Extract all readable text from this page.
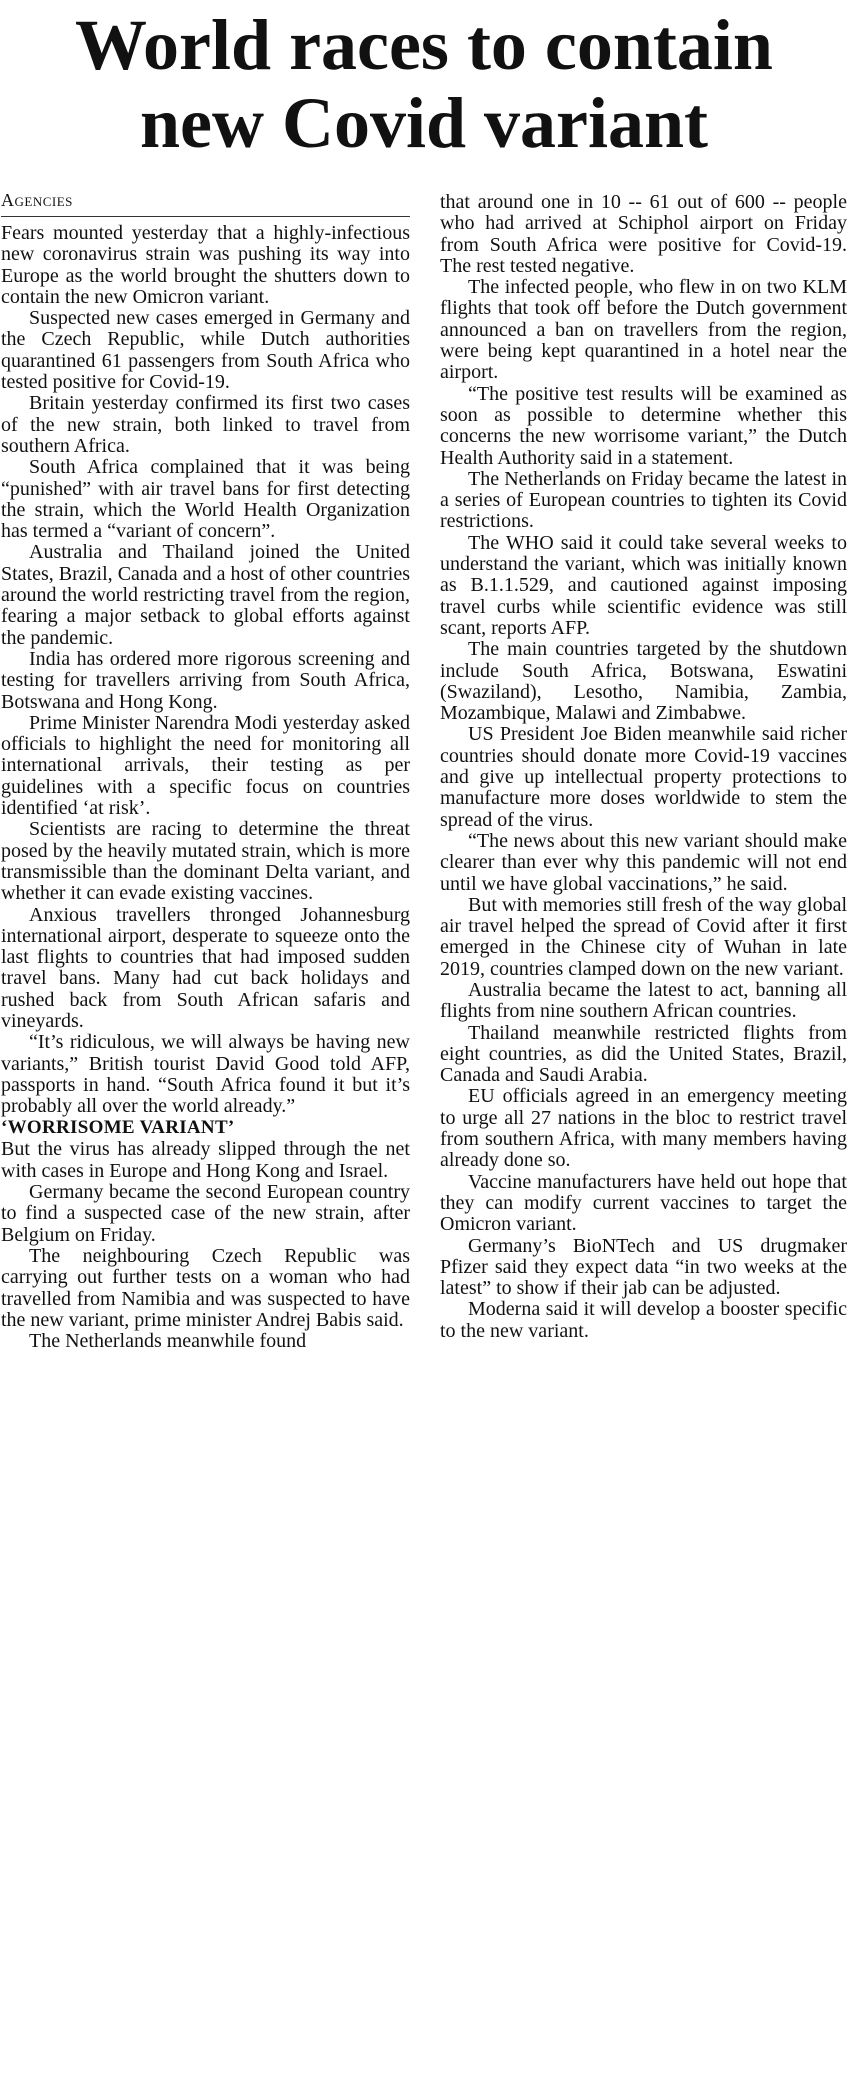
World races to contain
new Covid variant
Agencies

Fears mounted yesterday that a highly-infectious new coronavirus strain was pushing its way into Europe as the world brought the shutters down to contain the new Omicron variant.

Suspected new cases emerged in Germany and the Czech Republic, while Dutch authorities quarantined 61 passengers from South Africa who tested positive for Covid-19.

Britain yesterday confirmed its first two cases of the new strain, both linked to travel from southern Africa.

South Africa complained that it was being “punished” with air travel bans for first detecting the strain, which the World Health Organization has termed a “variant of concern”.

Australia and Thailand joined the United States, Brazil, Canada and a host of other countries around the world restricting travel from the region, fearing a major setback to global efforts against the pandemic.

India has ordered more rigorous screening and testing for travellers arriving from South Africa, Botswana and Hong Kong.

Prime Minister Narendra Modi yesterday asked officials to highlight the need for monitoring all international arrivals, their testing as per guidelines with a specific focus on countries identified ‘at risk’.

Scientists are racing to determine the threat posed by the heavily mutated strain, which is more transmissible than the dominant Delta variant, and whether it can evade existing vaccines.

Anxious travellers thronged Johannesburg international airport, desperate to squeeze onto the last flights to countries that had imposed sudden travel bans. Many had cut back holidays and rushed back from South African safaris and vineyards.

“It’s ridiculous, we will always be having new variants,” British tourist David Good told AFP, passports in hand. “South Africa found it but it’s probably all over the world already.”

‘WORRISOME VARIANT’

But the virus has already slipped through the net with cases in Europe and Hong Kong and Israel.

Germany became the second European country to find a suspected case of the new strain, after Belgium on Friday.

The neighbouring Czech Republic was carrying out further tests on a woman who had travelled from Namibia and was suspected to have the new variant, prime minister Andrej Babis said.

The Netherlands meanwhile found

that around one in 10 -- 61 out of 600 -- people who had arrived at Schiphol airport on Friday from South Africa were positive for Covid-19. The rest tested negative.

The infected people, who flew in on two KLM flights that took off before the Dutch government announced a ban on travellers from the region, were being kept quarantined in a hotel near the airport.

“The positive test results will be examined as soon as possible to determine whether this concerns the new worrisome variant,” the Dutch Health Authority said in a statement.

The Netherlands on Friday became the latest in a series of European countries to tighten its Covid restrictions.

The WHO said it could take several weeks to understand the variant, which was initially known as B.1.1.529, and cautioned against imposing travel curbs while scientific evidence was still scant, reports AFP.

The main countries targeted by the shutdown include South Africa, Botswana, Eswatini (Swaziland), Lesotho, Namibia, Zambia, Mozambique, Malawi and Zimbabwe.

US President Joe Biden meanwhile said richer countries should donate more Covid-19 vaccines and give up intellectual property protections to manufacture more doses worldwide to stem the spread of the virus.

“The news about this new variant should make clearer than ever why this pandemic will not end until we have global vaccinations,” he said.

But with memories still fresh of the way global air travel helped the spread of Covid after it first emerged in the Chinese city of Wuhan in late 2019, countries clamped down on the new variant.

Australia became the latest to act, banning all flights from nine southern African countries.

Thailand meanwhile restricted flights from eight countries, as did the United States, Brazil, Canada and Saudi Arabia.

EU officials agreed in an emergency meeting to urge all 27 nations in the bloc to restrict travel from southern Africa, with many members having already done so.

Vaccine manufacturers have held out hope that they can modify current vaccines to target the Omicron variant.

Germany’s BioNTech and US drugmaker Pfizer said they expect data “in two weeks at the latest” to show if their jab can be adjusted.

Moderna said it will develop a booster specific to the new variant.
